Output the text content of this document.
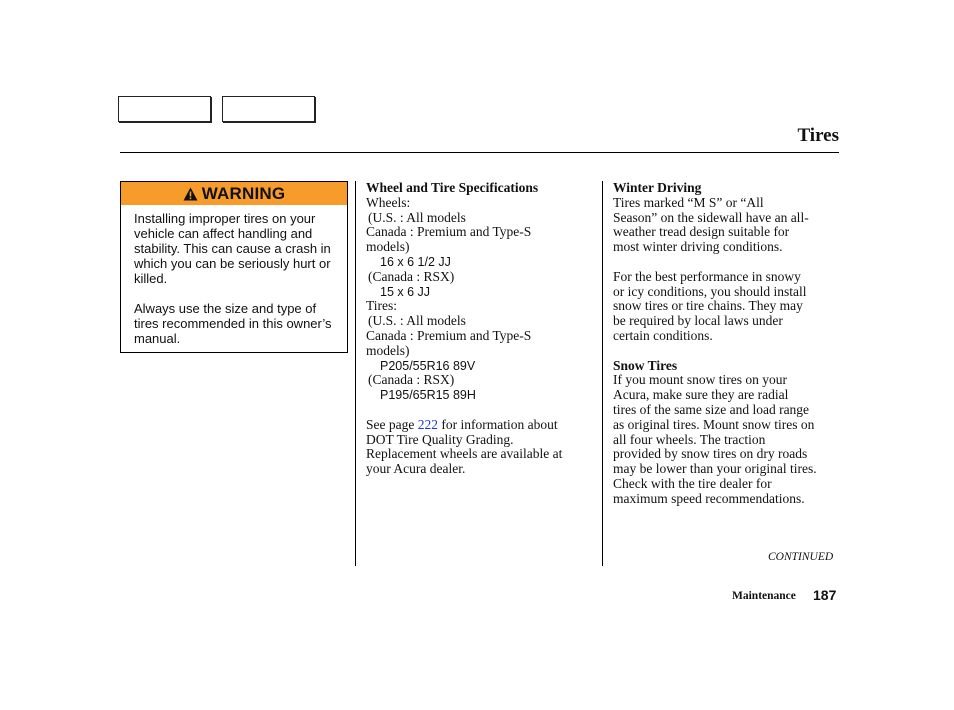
Tires
WARNING

Installing improper tires on your vehicle can affect handling and stability. This can cause a crash in which you can be seriously hurt or killed.

Always use the size and type of tires recommended in this owner’s manual.

Wheel and Tire Specifications
Wheels:
(U.S. : All models
Canada : Premium and Type-S
models)
16 x 6 1/2 JJ
(Canada : RSX)
15 x 6 JJ
Tires:
(U.S. : All models
Canada : Premium and Type-S
models)
P205/55R16 89V
(Canada : RSX)
P195/65R15 89H
See page 222 for information about
DOT Tire Quality Grading.
Replacement wheels are available at
your Acura dealer.
Winter Driving
Tires marked “M S” or “All
Season” on the sidewall have an all-
weather tread design suitable for
most winter driving conditions.
For the best performance in snowy
or icy conditions, you should install
snow tires or tire chains. They may
be required by local laws under
certain conditions.
Snow Tires
If you mount snow tires on your
Acura, make sure they are radial
tires of the same size and load range
as original tires. Mount snow tires on
all four wheels. The traction
provided by snow tires on dry roads
may be lower than your original tires.
Check with the tire dealer for
maximum speed recommendations.
CONTINUED
Maintenance 187
